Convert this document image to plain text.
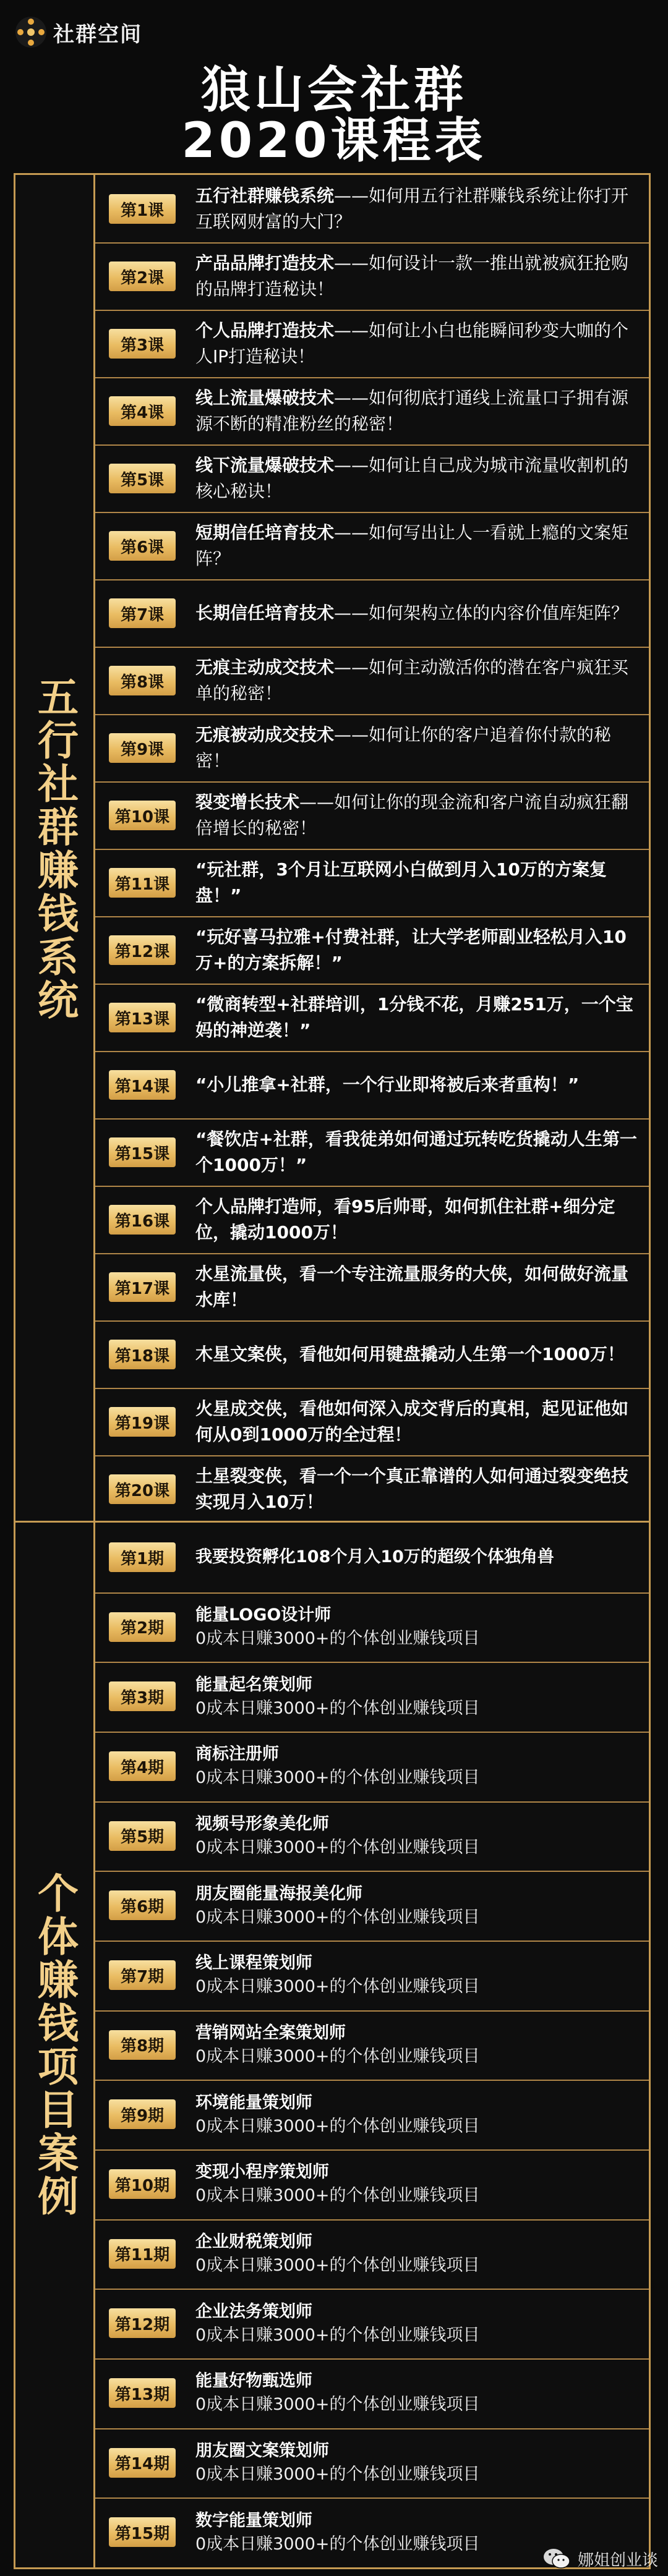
社群空间
狼山会社群
2020课程表
五行社群赚钱系统
第1课
五行社群赚钱系统——如何用五行社群赚钱系统让你打开互联网财富的大门？
第2课
产品品牌打造技术——如何设计一款一推出就被疯狂抢购的品牌打造秘诀！
第3课
个人品牌打造技术——如何让小白也能瞬间秒变大咖的个人IP打造秘诀！
第4课
线上流量爆破技术——如何彻底打通线上流量口子拥有源源不断的精准粉丝的秘密！
第5课
线下流量爆破技术——如何让自己成为城市流量收割机的核心秘诀！
第6课
短期信任培育技术——如何写出让人一看就上瘾的文案矩阵？
第7课	长期信任培育技术——如何架构立体的内容价值库矩阵？
第8课
无痕主动成交技术——如何主动激活你的潜在客户疯狂买单的秘密！
第9课
无痕被动成交技术——如何让你的客户追着你付款的秘密！
第10课
裂变增长技术——如何让你的现金流和客户流自动疯狂翻倍增长的秘密！
第11课
“玩社群，3个月让互联网小白做到月入10万的方案复盘！”
第12课
“玩好喜马拉雅+付费社群，让大学老师副业轻松月入10万+的方案拆解！”
第13课
“微商转型+社群培训，1分钱不花，月赚251万，一个宝妈的神逆袭！”
第14课	“小儿推拿+社群，一个行业即将被后来者重构！”
第15课
“餐饮店+社群，看我徒弟如何通过玩转吃货撬动人生第一个1000万！”
第16课
个人品牌打造师，看95后帅哥，如何抓住社群+细分定位，撬动1000万！
第17课
水星流量侠，看一个专注流量服务的大侠，如何做好流量水库！
第18课	木星文案侠，看他如何用键盘撬动人生第一个1000万！
第19课
火星成交侠，看他如何深入成交背后的真相，起见证他如何从0到1000万的全过程！
第20课
土星裂变侠，看一个一个真正靠谱的人如何通过裂变绝技实现月入10万！
个体赚钱项目案例
第1期	我要投资孵化108个月入10万的超级个体独角兽
第2期
能量LOGO设计师
0成本日赚3000+的个体创业赚钱项目
第3期
能量起名策划师
0成本日赚3000+的个体创业赚钱项目
第4期
商标注册师
0成本日赚3000+的个体创业赚钱项目
第5期
视频号形象美化师
0成本日赚3000+的个体创业赚钱项目
第6期
朋友圈能量海报美化师
0成本日赚3000+的个体创业赚钱项目
第7期
线上课程策划师
0成本日赚3000+的个体创业赚钱项目
第8期
营销网站全案策划师
0成本日赚3000+的个体创业赚钱项目
第9期
环境能量策划师
0成本日赚3000+的个体创业赚钱项目
第10期
变现小程序策划师
0成本日赚3000+的个体创业赚钱项目
第11期
企业财税策划师
0成本日赚3000+的个体创业赚钱项目
第12期
企业法务策划师
0成本日赚3000+的个体创业赚钱项目
第13期
能量好物甄选师
0成本日赚3000+的个体创业赚钱项目
第14期
朋友圈文案策划师
0成本日赚3000+的个体创业赚钱项目
第15期
数字能量策划师
0成本日赚3000+的个体创业赚钱项目
娜姐创业谈
